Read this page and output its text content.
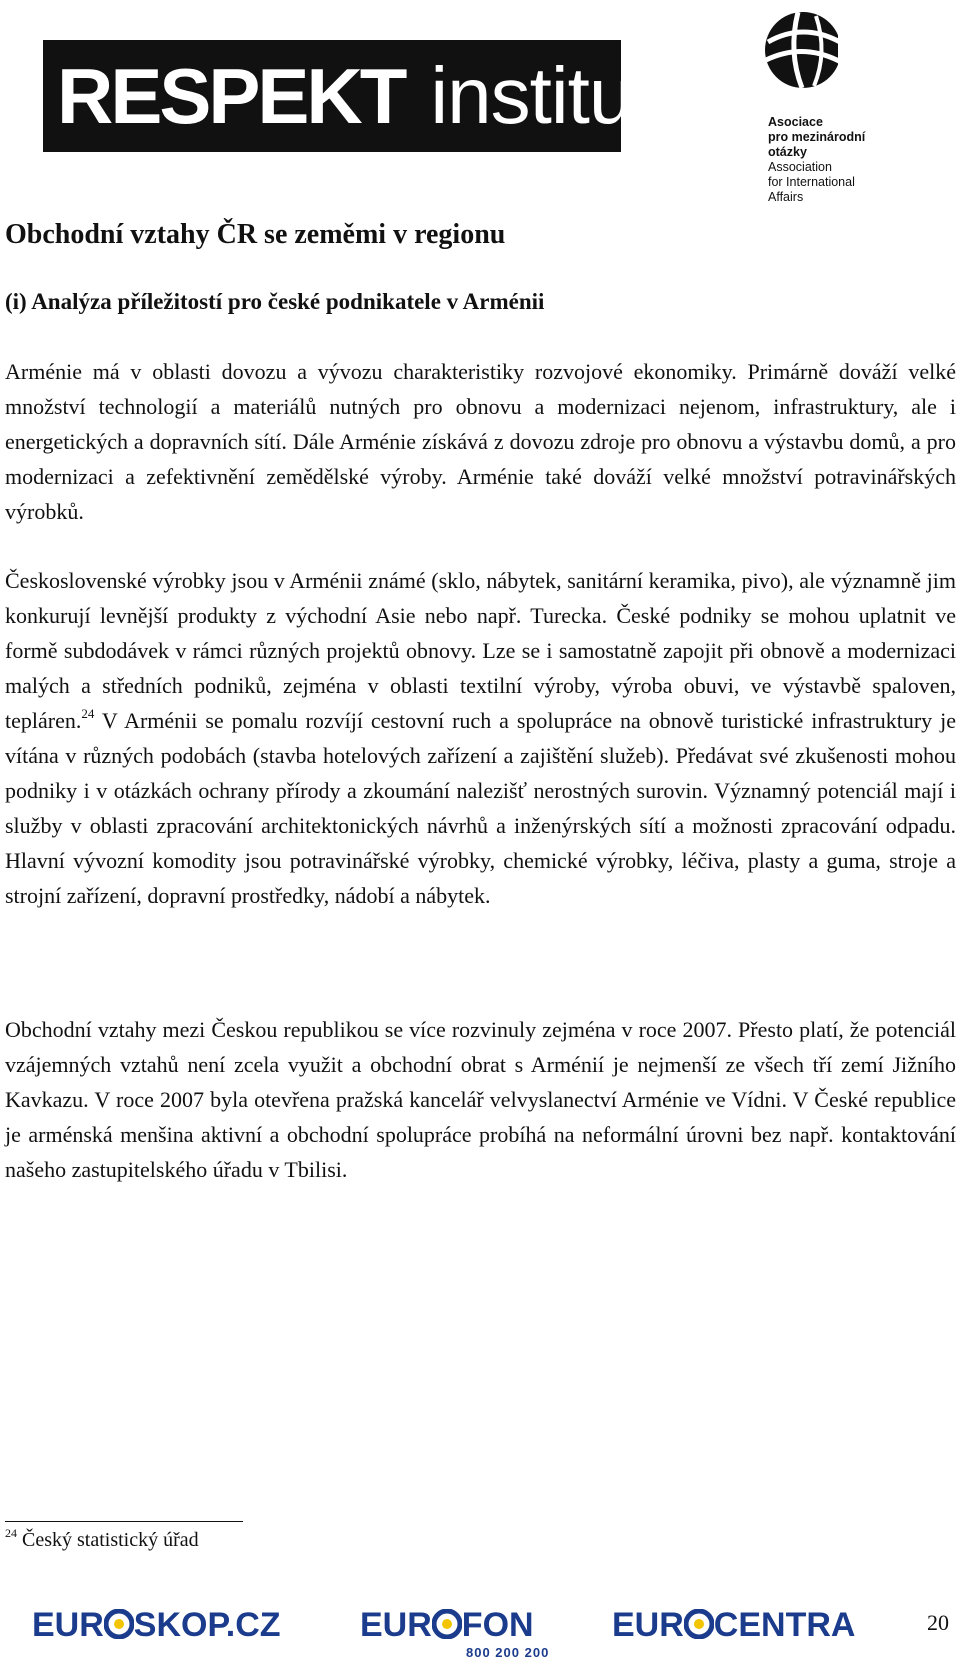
RESPEKT institut	Asociace
pro mezinárodní
otázky
Association
for International
Affairs
Obchodní vztahy ČR se zeměmi v regionu
(i) Analýza příležitostí pro české podnikatele v Arménii

Arménie má v oblasti dovozu a vývozu charakteristiky rozvojové ekonomiky. Primárně dováží velké množství technologií a materiálů nutných pro obnovu a modernizaci nejenom, infrastruktury, ale i energetických a dopravních sítí. Dále Arménie získává z dovozu zdroje pro obnovu a výstavbu domů, a pro modernizaci a zefektivnění zemědělské výroby. Arménie také dováží velké množství potravinářských výrobků.

Československé výrobky jsou v Arménii známé (sklo, nábytek, sanitární keramika, pivo), ale významně jim konkurují levnější produkty z východní Asie nebo např. Turecka. České podniky se mohou uplatnit ve formě subdodávek v rámci různých projektů obnovy. Lze se i samostatně zapojit při obnově a modernizaci malých a středních podniků, zejména v oblasti textilní výroby, výroba obuvi, ve výstavbě spaloven, tepláren.$^{24}$ V Arménii se pomalu rozvíjí cestovní ruch a spolupráce na obnově turistické infrastruktury je vítána v různých podobách (stavba hotelových zařízení a zajištění služeb). Předávat své zkušenosti mohou podniky i v otázkách ochrany přírody a zkoumání nalezišť nerostných surovin. Významný potenciál mají i služby v oblasti zpracování architektonických návrhů a inženýrských sítí a možnosti zpracování odpadu. Hlavní vývozní komodity jsou potravinářské výrobky, chemické výrobky, léčiva, plasty a guma, stroje a strojní zařízení, dopravní prostředky, nádobí a nábytek.

Obchodní vztahy mezi Českou republikou se více rozvinuly zejména v roce 2007. Přesto platí, že potenciál vzájemných vztahů není zcela využit a obchodní obrat s Arménií je nejmenší ze všech tří zemí Jižního Kavkazu. V roce 2007 byla otevřena pražská kancelář velvyslanectví Arménie ve Vídni. V České republice je arménská menšina aktivní a obchodní spolupráce probíhá na neformální úrovni bez např. kontaktování našeho zastupitelského úřadu v Tbilisi.

$^{24}$ Český statistický úřad
EUR SKOP.CZ EUR FON
800 200 200
EUR CENTRA	20
